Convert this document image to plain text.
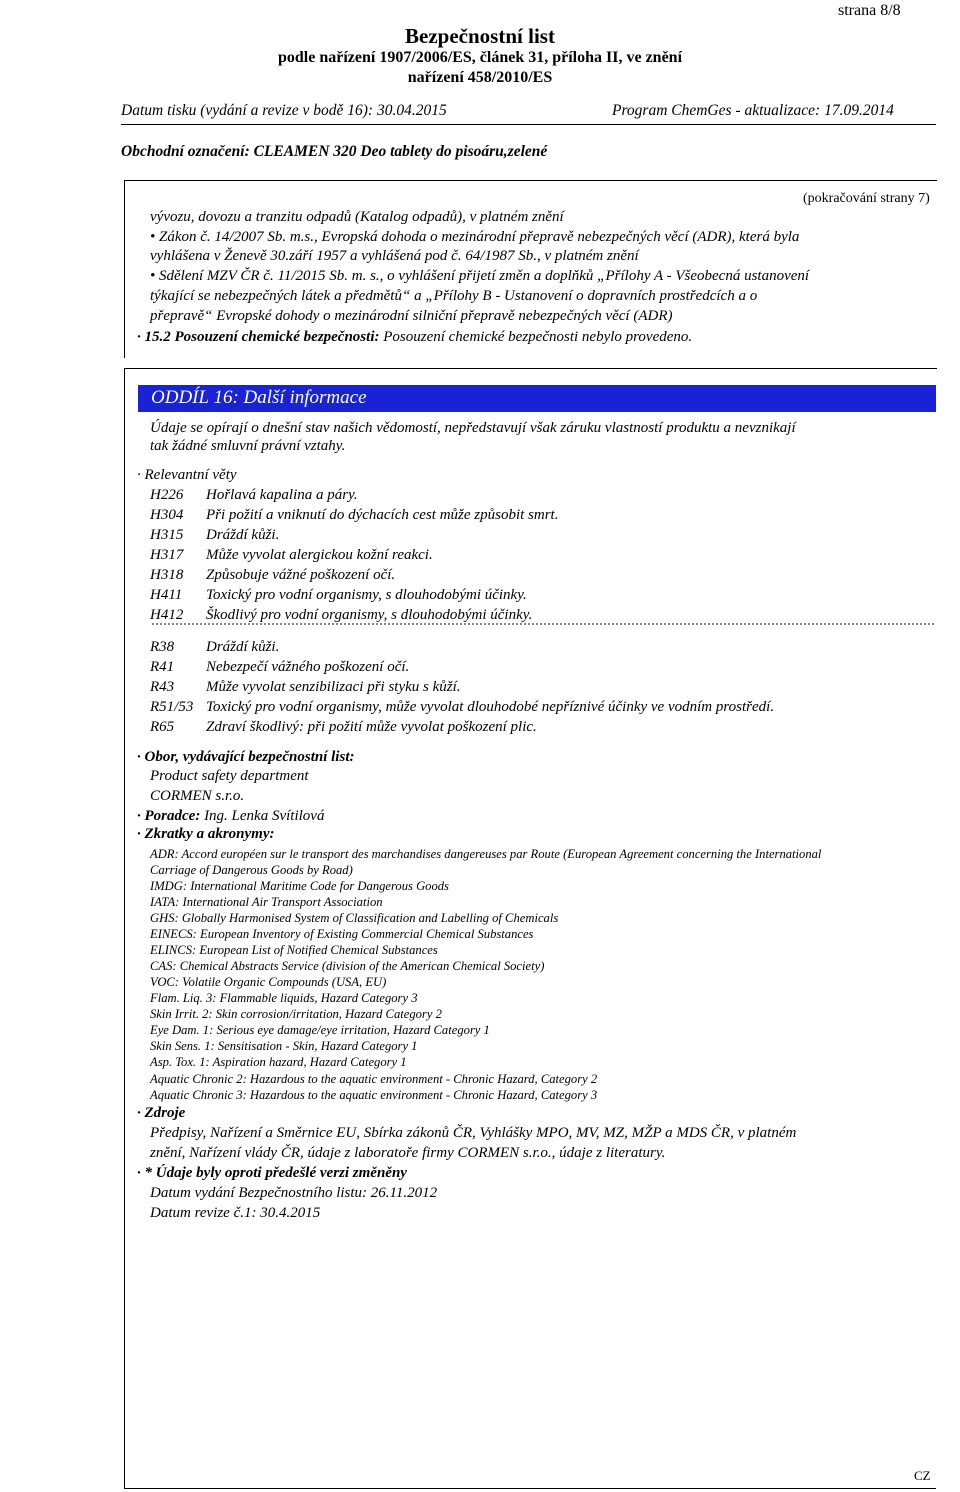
strana 8/8
Bezpečnostní list
podle nařízení 1907/2006/ES, článek 31, příloha II, ve znění
nařízení 458/2010/ES
Datum tisku (vydání a revize v bodě 16): 30.04.2015	Program ChemGes - aktualizace: 17.09.2014
Obchodní označení: CLEAMEN 320 Deo tablety do pisoáru,zelené
(pokračování strany 7)
vývozu, dovozu a tranzitu odpadů (Katalog odpadů), v platném znění
• Zákon č. 14/2007 Sb. m.s., Evropská dohoda o mezinárodní přepravě nebezpečných věcí (ADR), která byla
vyhlášena v Ženevě 30.září 1957 a vyhlášená pod č. 64/1987 Sb., v platném znění
• Sdělení MZV ČR č. 11/2015 Sb. m. s., o vyhlášení přijetí změn a doplňků „Přílohy A - Všeobecná ustanovení
týkající se nebezpečných látek a předmětů“ a „Přílohy B - Ustanovení o dopravních prostředcích a o
přepravě“ Evropské dohody o mezinárodní silniční přepravě nebezpečných věcí (ADR)
· 15.2 Posouzení chemické bezpečnosti: Posouzení chemické bezpečnosti nebylo provedeno.
ODDÍL 16: Další informace
Údaje se opírají o dnešní stav našich vědomostí, nepředstavují však záruku vlastností produktu a nevznikají
tak žádné smluvní právní vztahy.
· Relevantní věty
H226 Hořlavá kapalina a páry.
H304 Při požití a vniknutí do dýchacích cest může způsobit smrt.
H315 Dráždí kůži.
H317 Může vyvolat alergickou kožní reakci.
H318 Způsobuje vážné poškození očí.
H411 Toxický pro vodní organismy, s dlouhodobými účinky.
H412 Škodlivý pro vodní organismy, s dlouhodobými účinky.
R38 Dráždí kůži.
R41 Nebezpečí vážného poškození očí.
R43 Může vyvolat senzibilizaci při styku s kůží.
R51/53 Toxický pro vodní organismy, může vyvolat dlouhodobé nepříznivé účinky ve vodním prostředí.
R65 Zdraví škodlivý: při požití může vyvolat poškození plic.
· Obor, vydávající bezpečnostní list:
Product safety department
CORMEN s.r.o.
· Poradce: Ing. Lenka Svítilová
· Zkratky a akronymy:
ADR: Accord européen sur le transport des marchandises dangereuses par Route (European Agreement concerning the International
Carriage of Dangerous Goods by Road)
IMDG: International Maritime Code for Dangerous Goods
IATA: International Air Transport Association
GHS: Globally Harmonised System of Classification and Labelling of Chemicals
EINECS: European Inventory of Existing Commercial Chemical Substances
ELINCS: European List of Notified Chemical Substances
CAS: Chemical Abstracts Service (division of the American Chemical Society)
VOC: Volatile Organic Compounds (USA, EU)
Flam. Liq. 3: Flammable liquids, Hazard Category 3
Skin Irrit. 2: Skin corrosion/irritation, Hazard Category 2
Eye Dam. 1: Serious eye damage/eye irritation, Hazard Category 1
Skin Sens. 1: Sensitisation - Skin, Hazard Category 1
Asp. Tox. 1: Aspiration hazard, Hazard Category 1
Aquatic Chronic 2: Hazardous to the aquatic environment - Chronic Hazard, Category 2
Aquatic Chronic 3: Hazardous to the aquatic environment - Chronic Hazard, Category 3
· Zdroje
Předpisy, Nařízení a Směrnice EU, Sbírka zákonů ČR, Vyhlášky MPO, MV, MZ, MŽP a MDS ČR, v platném
znění, Nařízení vlády ČR, údaje z laboratoře firmy CORMEN s.r.o., údaje z literatury.
· * Údaje byly oproti předešlé verzi změněny
Datum vydání Bezpečnostního listu: 26.11.2012
Datum revize č.1: 30.4.2015
CZ
